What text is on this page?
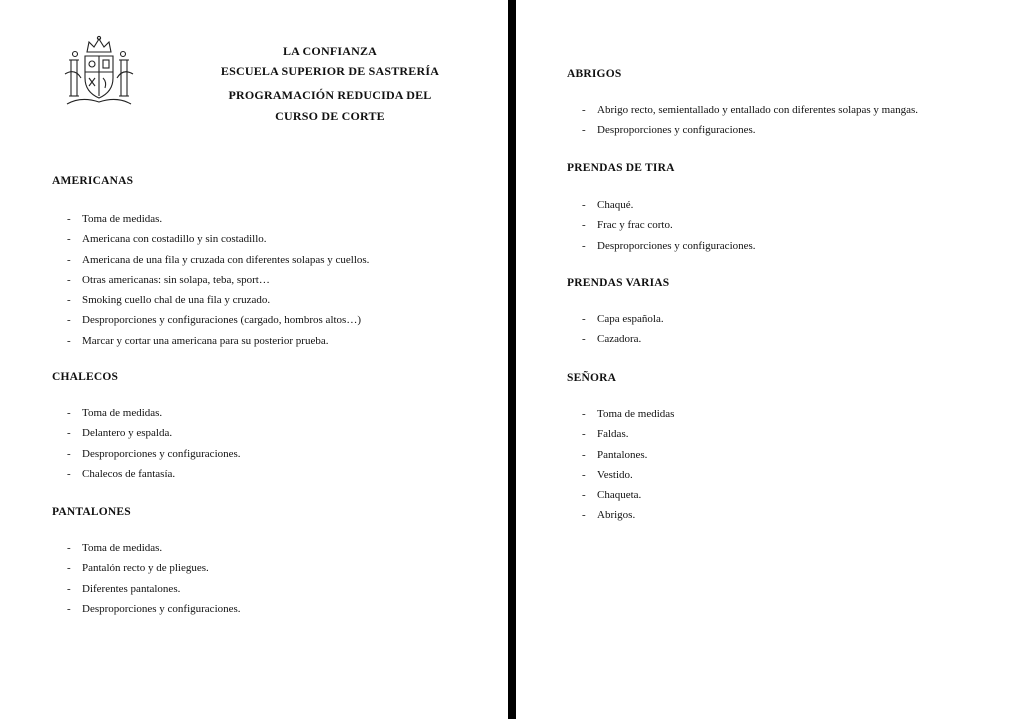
LA CONFIANZA
ESCUELA SUPERIOR DE SASTRERÍA
PROGRAMACIÓN REDUCIDA DEL
CURSO DE CORTE
AMERICANAS
- Toma de medidas.
- Americana con costadillo y sin costadillo.
- Americana de una fila y cruzada con diferentes solapas y cuellos.
- Otras americanas: sin solapa, teba, sport…
- Smoking cuello chal de una fila y cruzado.
- Desproporciones y configuraciones (cargado, hombros altos…)
- Marcar y cortar una americana para su posterior prueba.
CHALECOS
- Toma de medidas.
- Delantero y espalda.
- Desproporciones y configuraciones.
- Chalecos de fantasía.
PANTALONES
- Toma de medidas.
- Pantalón recto y de pliegues.
- Diferentes pantalones.
- Desproporciones y configuraciones.
ABRIGOS
- Abrigo recto, semientallado y entallado con diferentes solapas y mangas.
- Desproporciones y configuraciones.
PRENDAS DE TIRA
- Chaqué.
- Frac y frac corto.
- Desproporciones y configuraciones.
PRENDAS VARIAS
- Capa española.
- Cazadora.
SEÑORA
- Toma de medidas
- Faldas.
- Pantalones.
- Vestido.
- Chaqueta.
- Abrigos.
